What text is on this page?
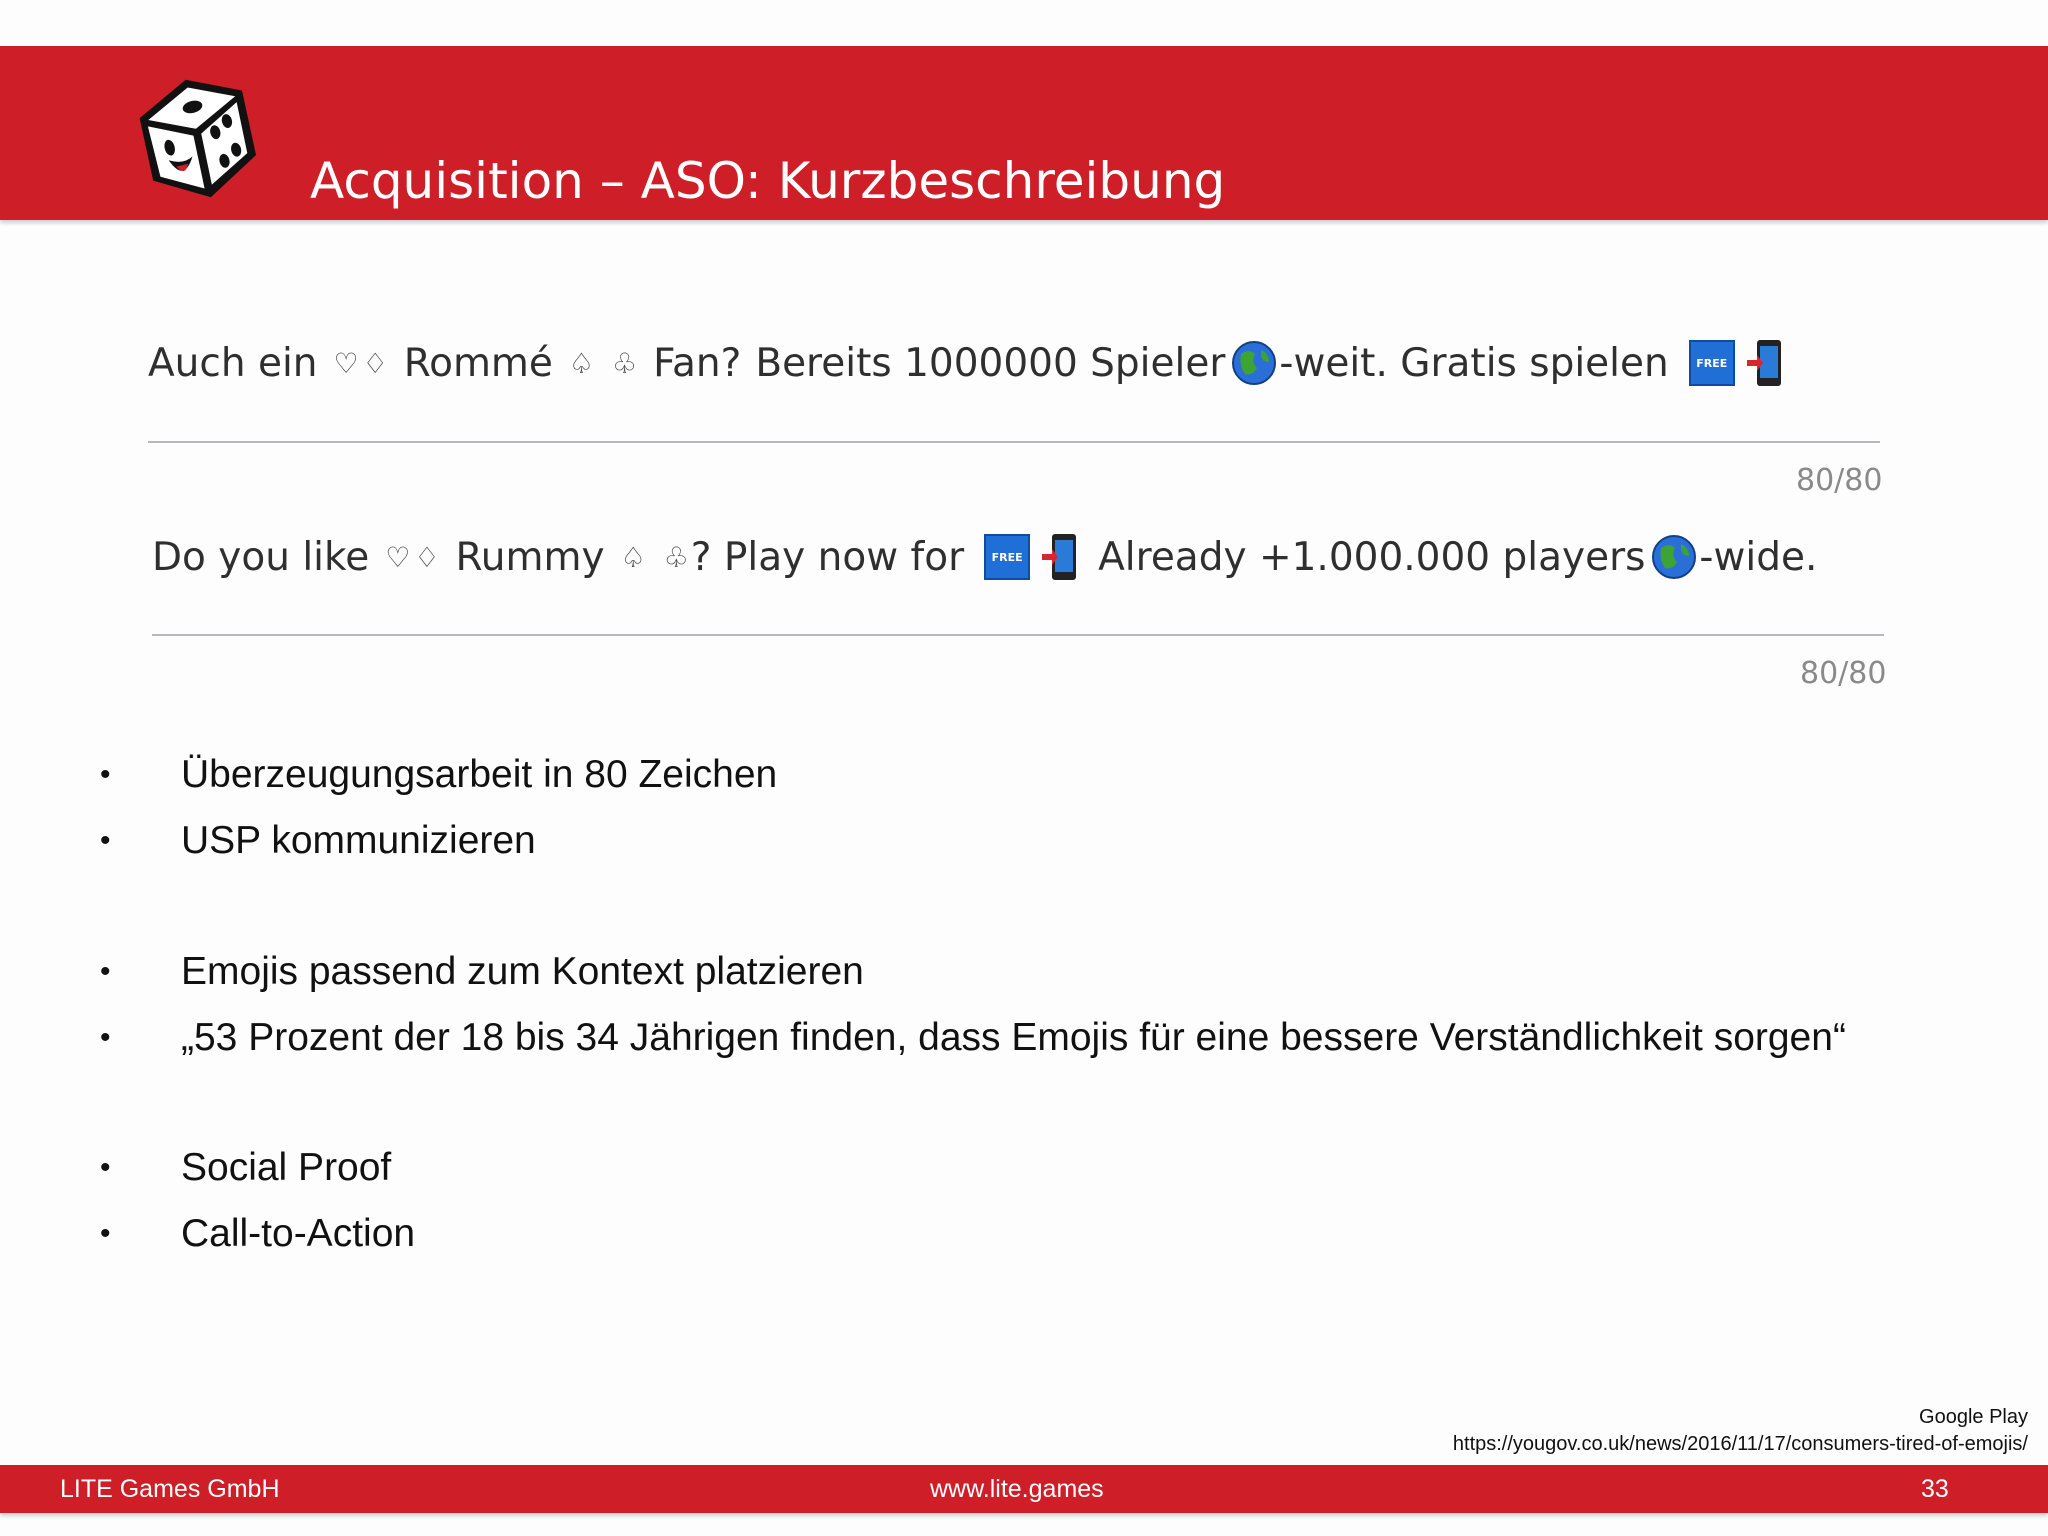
Acquisition – ASO: Kurzbeschreibung
Auch ein ♡ ♢ Rommé ♤ ♧ Fan? Bereits 1000000 Spieler -weit. Gratis spielen	FREE
80/80
Do you like ♡ ♢ Rummy ♤ ♧ ? Play now for	FREE Already +1.000.000 players -wide.
80/80
• Überzeugungsarbeit in 80 Zeichen
• USP kommunizieren
• Emojis passend zum Kontext platzieren
• „53 Prozent der 18 bis 34 Jährigen finden, dass Emojis für eine bessere Verständlichkeit sorgen“
• Social Proof
• Call-to-Action
Google Play
https://yougov.co.uk/news/2016/11/17/consumers-tired-of-emojis/
LITE Games GmbH	www.lite.games	33
